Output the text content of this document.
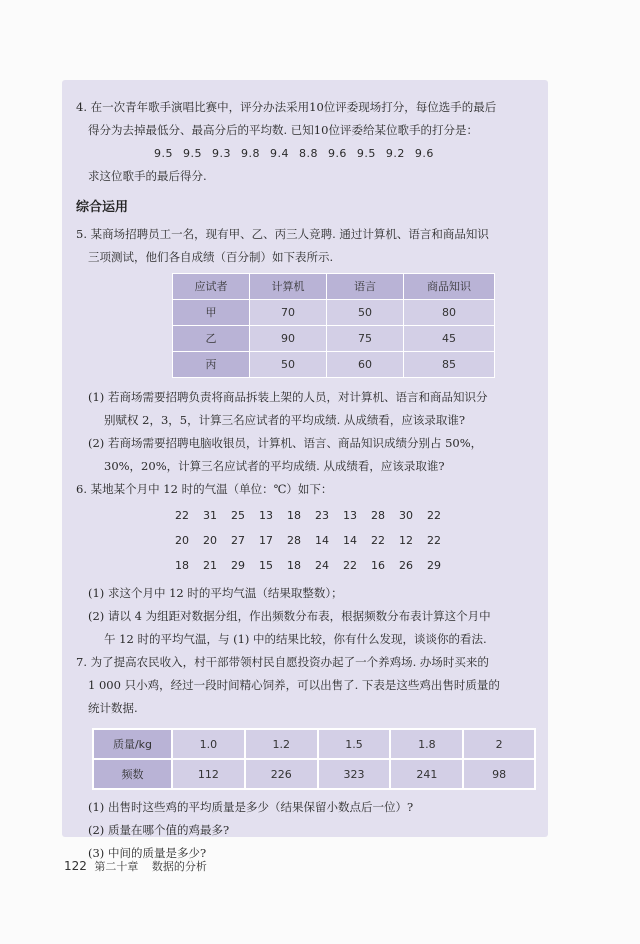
4. 在一次青年歌手演唱比赛中，评分办法采用10位评委现场打分，每位选手的最后

得分为去掉最低分、最高分后的平均数. 已知10位评委给某位歌手的打分是：

9.5 9.5 9.3 9.8 9.4 8.8 9.6 9.5 9.2 9.6

求这位歌手的最后得分.

综合运用

5. 某商场招聘员工一名，现有甲、乙、丙三人竞聘. 通过计算机、语言和商品知识

三项测试，他们各自成绩（百分制）如下表所示.

应试者	计算机	语言	商品知识
甲	70	50	80
乙	90	75	45
丙	50	60	85

(1) 若商场需要招聘负责将商品拆装上架的人员，对计算机、语言和商品知识分

别赋权 2，3，5，计算三名应试者的平均成绩. 从成绩看，应该录取谁?

(2) 若商场需要招聘电脑收银员，计算机、语言、商品知识成绩分别占 50%，

30%，20%，计算三名应试者的平均成绩. 从成绩看，应该录取谁?

6. 某地某个月中 12 时的气温（单位：℃）如下：

22	31	25	13	18	23	13	28	30	22
20	20	27	17	28	14	14	22	12	22
18	21	29	15	18	24	22	16	26	29

(1) 求这个月中 12 时的平均气温（结果取整数）；

(2) 请以 4 为组距对数据分组，作出频数分布表，根据频数分布表计算这个月中

午 12 时的平均气温，与 (1) 中的结果比较，你有什么发现，谈谈你的看法.

7. 为了提高农民收入，村干部带领村民自愿投资办起了一个养鸡场. 办场时买来的

1 000 只小鸡，经过一段时间精心饲养，可以出售了. 下表是这些鸡出售时质量的

统计数据.

质量/kg	1.0	1.2	1.5	1.8	2
频数	112	226	323	241	98

(1) 出售时这些鸡的平均质量是多少（结果保留小数点后一位）?

(2) 质量在哪个值的鸡最多?

(3) 中间的质量是多少?

122 第二十章 数据的分析
